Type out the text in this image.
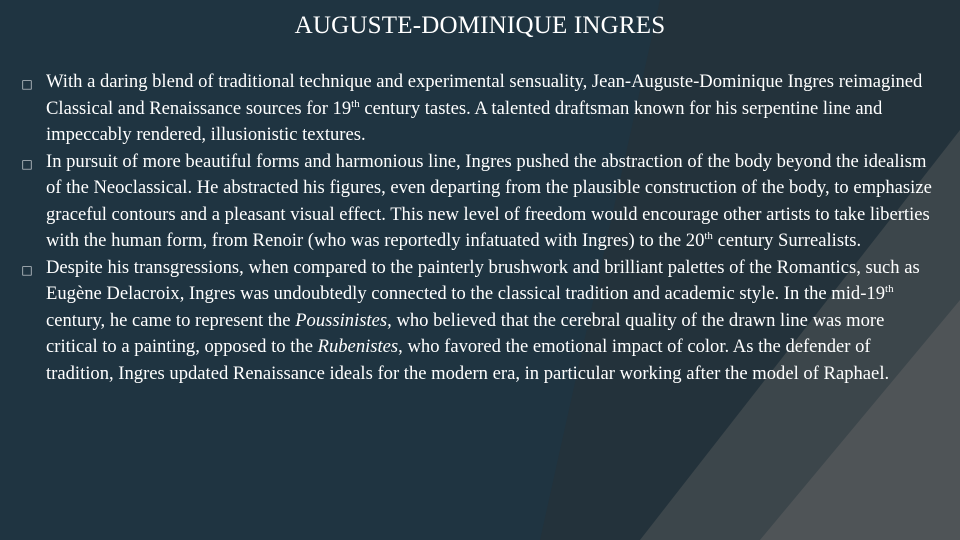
AUGUSTE-DOMINIQUE INGRES
□ With a daring blend of traditional technique and experimental sensuality, Jean-Auguste-Dominique Ingres reimagined Classical and Renaissance sources for 19th century tastes. A talented draftsman known for his serpentine line and impeccably rendered, illusionistic textures.
□ In pursuit of more beautiful forms and harmonious line, Ingres pushed the abstraction of the body beyond the idealism of the Neoclassical. He abstracted his figures, even departing from the plausible construction of the body, to emphasize graceful contours and a pleasant visual effect. This new level of freedom would encourage other artists to take liberties with the human form, from Renoir (who was reportedly infatuated with Ingres) to the 20th century Surrealists.
□ Despite his transgressions, when compared to the painterly brushwork and brilliant palettes of the Romantics, such as Eugène Delacroix, Ingres was undoubtedly connected to the classical tradition and academic style. In the mid-19th century, he came to represent the Poussinistes, who believed that the cerebral quality of the drawn line was more critical to a painting, opposed to the Rubenistes, who favored the emotional impact of color. As the defender of tradition, Ingres updated Renaissance ideals for the modern era, in particular working after the model of Raphael.
